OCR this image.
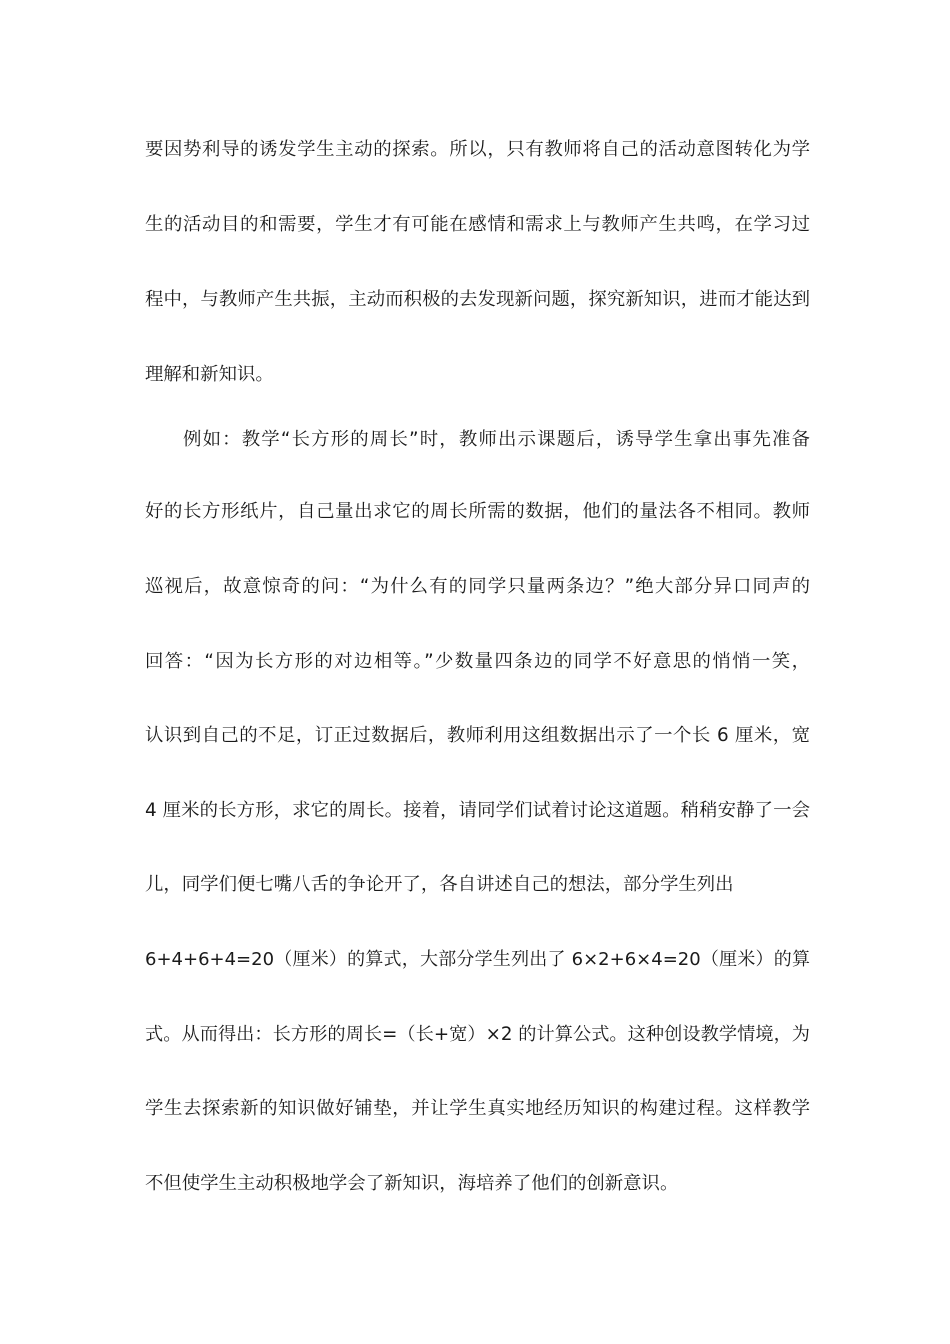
要因势利导的诱发学生主动的探索。所以，只有教师将自己的活动意图转化为学
生的活动目的和需要，学生才有可能在感情和需求上与教师产生共鸣，在学习过
程中，与教师产生共振，主动而积极的去发现新问题，探究新知识，进而才能达到
理解和新知识。
例如：教学“长方形的周长”时，教师出示课题后，诱导学生拿出事先准备
好的长方形纸片，自己量出求它的周长所需的数据，他们的量法各不相同。教师
巡视后，故意惊奇的问：“为什么有的同学只量两条边？”绝大部分异口同声的
回答：“因为长方形的对边相等。”少数量四条边的同学不好意思的悄悄一笑，
认识到自己的不足，订正过数据后，教师利用这组数据出示了一个长 6 厘米，宽
4 厘米的长方形，求它的周长。接着，请同学们试着讨论这道题。稍稍安静了一会
儿，同学们便七嘴八舌的争论开了，各自讲述自己的想法，部分学生列出
6+4+6+4=20（厘米）的算式，大部分学生列出了 6×2+6×4=20（厘米）的算
式。从而得出：长方形的周长=（长+宽）×2 的计算公式。这种创设教学情境，为
学生去探索新的知识做好铺垫，并让学生真实地经历知识的构建过程。这样教学
不但使学生主动积极地学会了新知识，海培养了他们的创新意识。
